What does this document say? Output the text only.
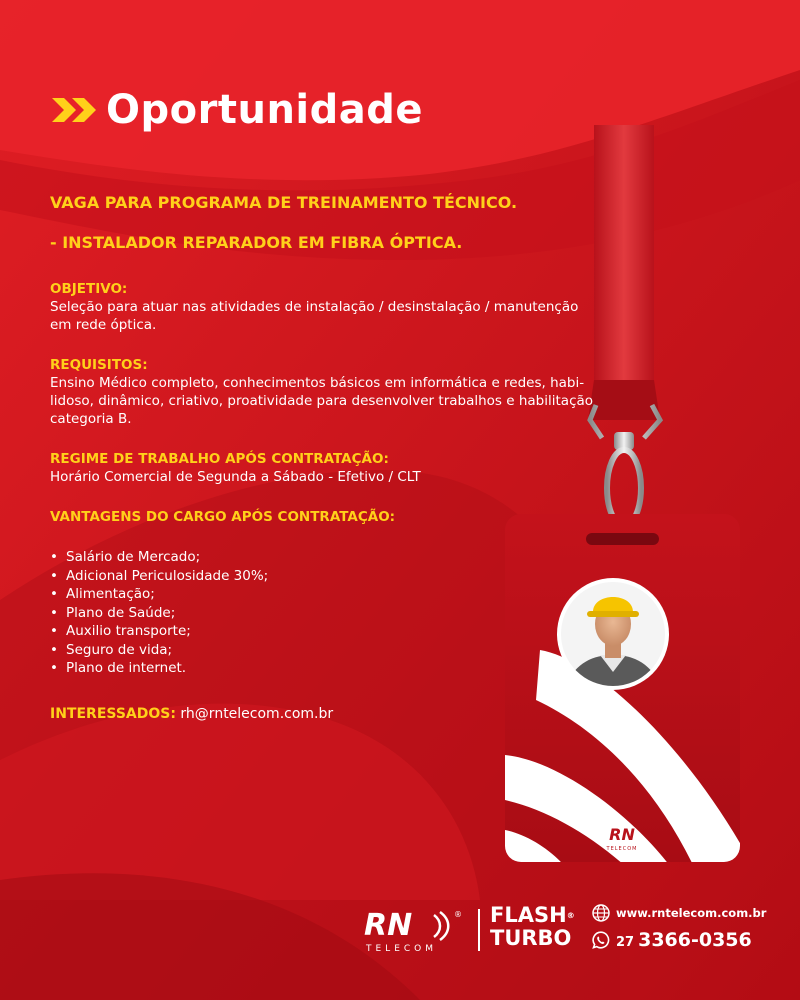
RN
TELECOM
Oportunidade

VAGA PARA PROGRAMA DE TREINAMENTO TÉCNICO.

- INSTALADOR REPARADOR EM FIBRA ÓPTICA.

OBJETIVO:
Seleção para atuar nas atividades de instalação / desinstalação / manutenção
em rede óptica.
REQUISITOS:
Ensino Médico completo, conhecimentos básicos em informática e redes, habi-
lidoso, dinâmico, criativo, proatividade para desenvolver trabalhos e habilitação
categoria B.
REGIME DE TRABALHO APÓS CONTRATAÇÃO:
Horário Comercial de Segunda a Sábado - Efetivo / CLT
VANTAGENS DO CARGO APÓS CONTRATAÇÃO:
• Salário de Mercado;
• Adicional Periculosidade 30%;
• Alimentação;
• Plano de Saúde;
• Auxilio transporte;
• Seguro de vida;
• Plano de internet.
INTERESSADOS: rh@rntelecom.com.br
RN	®
TELECOM
FLASH®
TURBO
www.rntelecom.com.br
27 3366-0356
